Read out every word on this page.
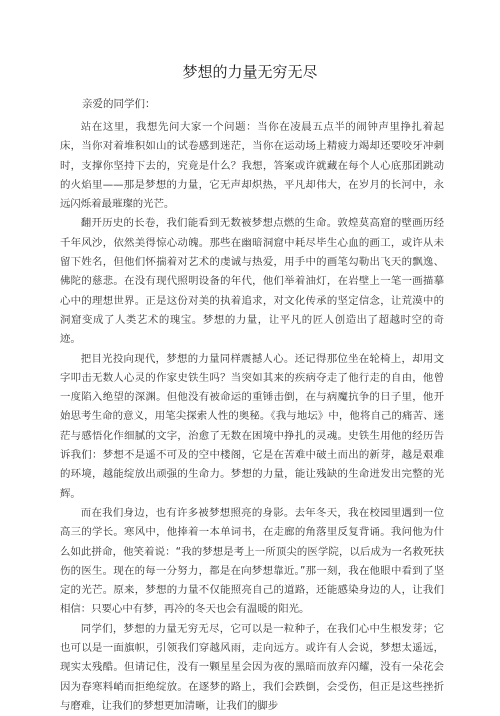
梦想的力量无穷无尽
亲爱的同学们：

站在这里，我想先问大家一个问题：当你在凌晨五点半的闹钟声里挣扎着起床，当你对着堆积如山的试卷感到迷茫，当你在运动场上精疲力竭却还要咬牙冲刺时，支撑你坚持下去的，究竟是什么？我想，答案或许就藏在每个人心底那团跳动的火焰里——那是梦想的力量，它无声却炽热，平凡却伟大，在岁月的长河中，永远闪烁着最璀璨的光芒。

翻开历史的长卷，我们能看到无数被梦想点燃的生命。敦煌莫高窟的壁画历经千年风沙，依然美得惊心动魄。那些在幽暗洞窟中耗尽毕生心血的画工，或许从未留下姓名，但他们怀揣着对艺术的虔诚与热爱，用手中的画笔勾勒出飞天的飘逸、佛陀的慈悲。在没有现代照明设备的年代，他们举着油灯，在岩壁上一笔一画描摹心中的理想世界。正是这份对美的执着追求，对文化传承的坚定信念，让荒漠中的洞窟变成了人类艺术的瑰宝。梦想的力量，让平凡的匠人创造出了超越时空的奇迹。

把目光投向现代，梦想的力量同样震撼人心。还记得那位坐在轮椅上，却用文字叩击无数人心灵的作家史铁生吗？当突如其来的疾病夺走了他行走的自由，他曾一度陷入绝望的深渊。但他没有被命运的重锤击倒，在与病魔抗争的日子里，他开始思考生命的意义，用笔尖探索人性的奥秘。《我与地坛》中，他将自己的痛苦、迷茫与感悟化作细腻的文字，治愈了无数在困境中挣扎的灵魂。史铁生用他的经历告诉我们：梦想不是遥不可及的空中楼阁，它是在苦难中破土而出的新芽，越是艰难的环境，越能绽放出顽强的生命力。梦想的力量，能让残缺的生命迸发出完整的光辉。

而在我们身边，也有许多被梦想照亮的身影。去年冬天，我在校园里遇到一位高三的学长。寒风中，他捧着一本单词书，在走廊的角落里反复背诵。我问他为什么如此拼命，他笑着说：“我的梦想是考上一所顶尖的医学院，以后成为一名救死扶伤的医生。现在的每一分努力，都是在向梦想靠近。”那一刻，我在他眼中看到了坚定的光芒。原来，梦想的力量不仅能照亮自己的道路，还能感染身边的人，让我们相信：只要心中有梦，再冷的冬天也会有温暖的阳光。

同学们，梦想的力量无穷无尽，它可以是一粒种子，在我们心中生根发芽；它也可以是一面旗帜，引领我们穿越风雨，走向远方。或许有人会说，梦想太遥远，现实太残酷。但请记住，没有一颗星星会因为夜的黑暗而放弃闪耀，没有一朵花会因为春寒料峭而拒绝绽放。在逐梦的路上，我们会跌倒，会受伤，但正是这些挫折与磨难，让我们的梦想更加清晰，让我们的脚步
